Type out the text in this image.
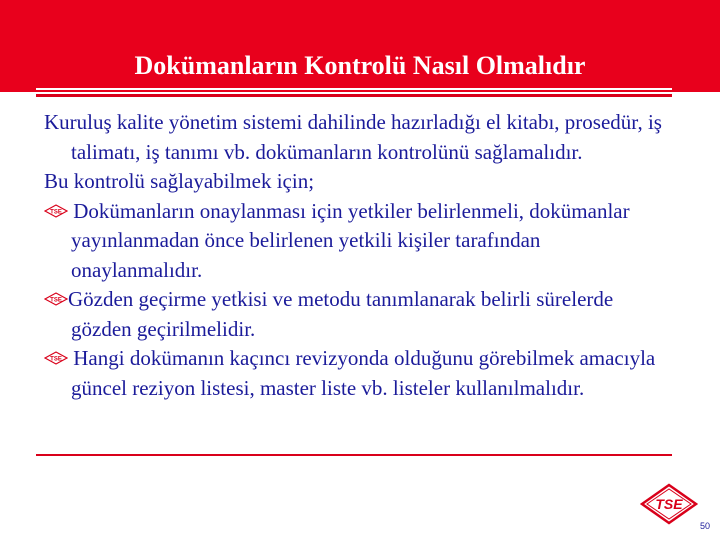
Dokümanların Kontrolü Nasıl Olmalıdır

Kuruluş kalite yönetim sistemi dahilinde hazırladığı el kitabı, prosedür, iş talimatı, iş tanımı vb. dokümanların kontrolünü sağlamalıdır.

Bu kontrolü sağlayabilmek için;

TSE Dokümanların onaylanması için yetkiler belirlenmeli, dokümanlar yayınlanmadan önce belirlenen yetkili kişiler tarafından onaylanmalıdır.

TSE Gözden geçirme yetkisi ve metodu tanımlanarak belirli sürelerde gözden geçirilmelidir.

TSE Hangi dokümanın kaçıncı revizyonda olduğunu görebilmek amacıyla güncel reziyon listesi, master liste vb. listeler kullanılmalıdır.

TSE
50
